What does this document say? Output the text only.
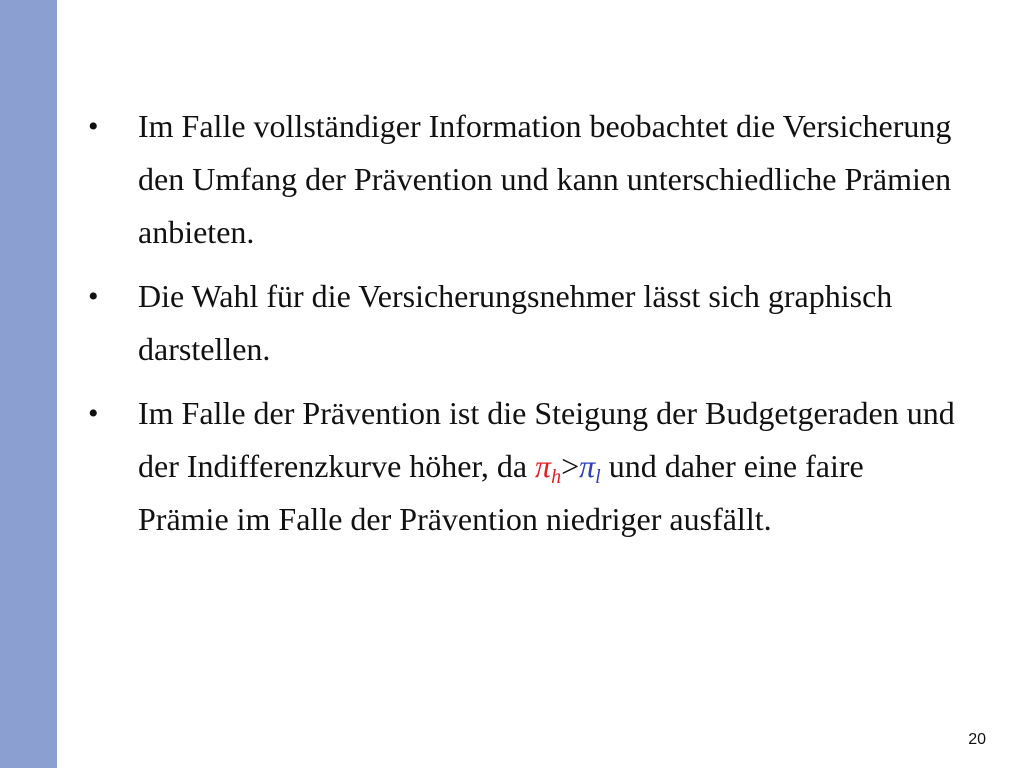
•	Im Falle vollständiger Information beobachtet die Versicherung den Umfang der Prävention und kann unterschiedliche Prämien anbieten.
•	Die Wahl für die Versicherungsnehmer lässt sich graphisch darstellen.
•	Im Falle der Prävention ist die Steigung der Budgetgeraden und der Indifferenzkurve höher, da $\pi_h>\pi_l$ und daher eine faire Prämie im Falle der Prävention niedriger ausfällt.
20
